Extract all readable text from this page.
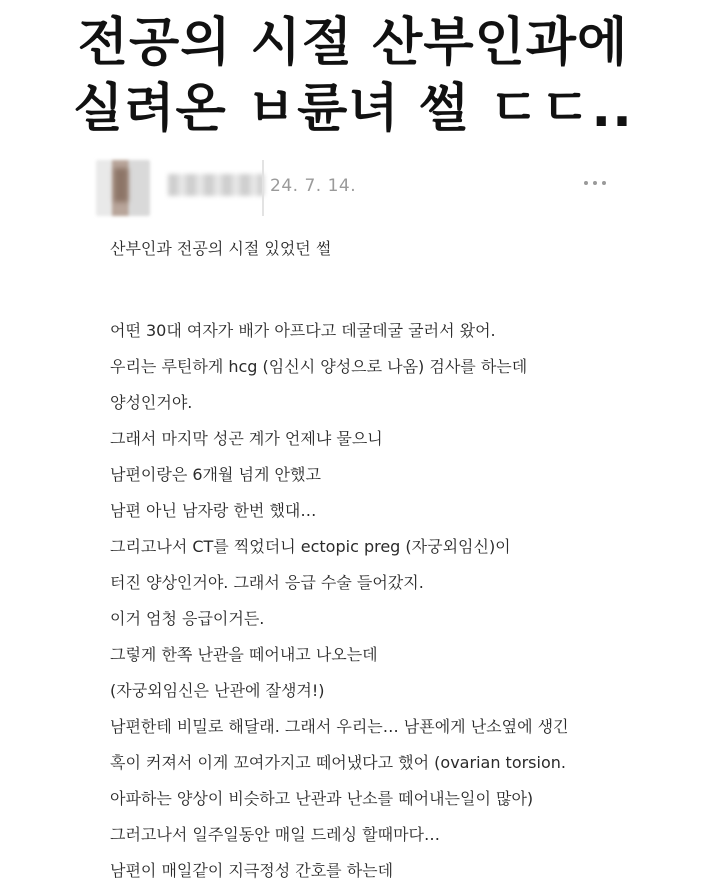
전공의 시절 산부인과에
실려온 ㅂ륜녀 썰 ㄷㄷ..
24. 7. 14.

산부인과 전공의 시절 있었던 썰

어떤 30대 여자가 배가 아프다고 데굴데굴 굴러서 왔어.

우리는 루틴하게 hcg (임신시 양성으로 나옴) 검사를 하는데

양성인거야.

그래서 마지막 성곤 계가 언제냐 물으니

남편이랑은 6개월 넘게 안했고

남편 아닌 남자랑 한번 했대…

그리고나서 CT를 찍었더니 ectopic preg (자궁외임신)이

터진 양상인거야. 그래서 응급 수술 들어갔지.

이거 엄청 응급이거든.

그렇게 한쪽 난관을 떼어내고 나오는데

(자궁외임신은 난관에 잘생겨!)

남편한테 비밀로 해달래. 그래서 우리는… 남푠에게 난소옆에 생긴

혹이 커져서 이게 꼬여가지고 떼어냈다고 했어 (ovarian torsion.

아파하는 양상이 비슷하고 난관과 난소를 떼어내는일이 많아)

그러고나서 일주일동안 매일 드레싱 할때마다…

남편이 매일같이 지극정성 간호를 하는데
